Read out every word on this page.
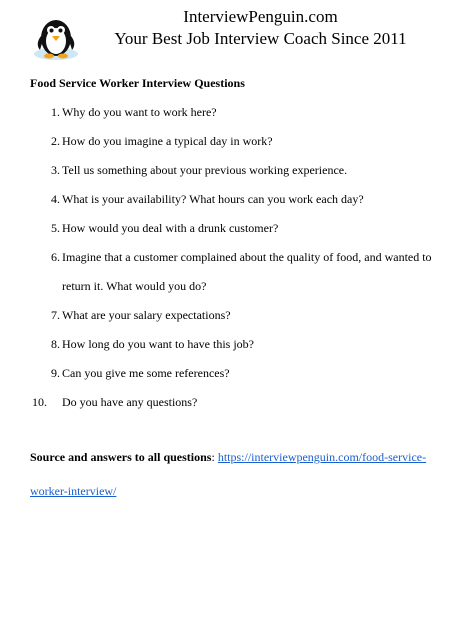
InterviewPenguin.com
Your Best Job Interview Coach Since 2011
Food Service Worker Interview Questions
1. Why do you want to work here?
2. How do you imagine a typical day in work?
3. Tell us something about your previous working experience.
4. What is your availability? What hours can you work each day?
5. How would you deal with a drunk customer?
6. Imagine that a customer complained about the quality of food, and wanted to return it. What would you do?
7. What are your salary expectations?
8. How long do you want to have this job?
9. Can you give me some references?
10.	Do you have any questions?
Source and answers to all questions: https://interviewpenguin.com/food-service-worker-interview/
